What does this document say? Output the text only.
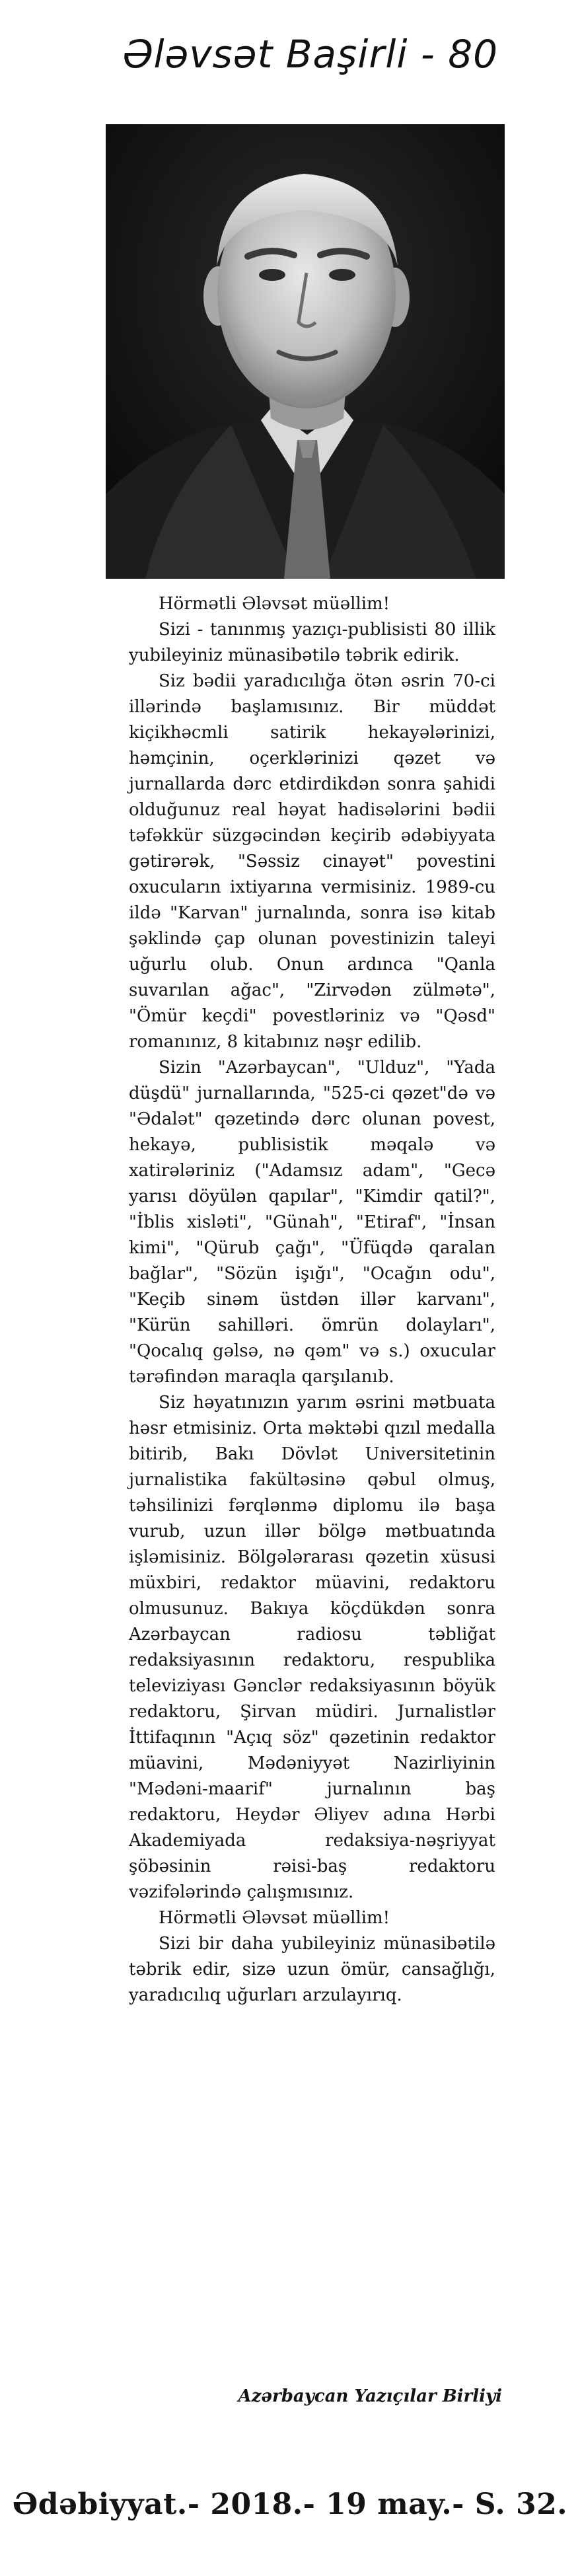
Ələvsət Başirli - 80

Hörmətli Ələvsət müəllim!

Sizi - tanınmış yazıçı-publisisti 80 illik yubileyiniz münasibətilə təbrik edirik.

Siz bədii yaradıcılığa ötən əsrin 70-ci illərində başlamısınız. Bir müddət kiçikhəcmli satirik hekayələrinizi, həmçinin, oçerklərinizi qəzet və jurnallarda dərc etdirdikdən sonra şahidi olduğunuz real həyat hadisələrini bədii təfəkkür süzgəcindən keçirib ədəbiyyata gətirərək, "Səssiz cinayət" povestini oxucuların ixtiyarına vermisiniz. 1989-cu ildə "Karvan" jurnalında, sonra isə kitab şəklində çap olunan povestinizin taleyi uğurlu olub. Onun ardınca "Qanla suvarılan ağac", "Zirvədən zülmətə", "Ömür keçdi" povestləriniz və "Qəsd" romanınız, 8 kitabınız nəşr edilib.

Sizin "Azərbaycan", "Ulduz", "Yada düşdü" jurnallarında, "525-ci qəzet"də və "Ədalət" qəzetində dərc olunan povest, hekayə, publisistik məqalə və xatirələriniz ("Adamsız adam", "Gecə yarısı döyülən qapılar", "Kimdir qatil?", "İblis xisləti", "Günah", "Etiraf", "İnsan kimi", "Qürub çağı", "Üfüqdə qaralan bağlar", "Sözün işığı", "Ocağın odu", "Keçib sinəm üstdən illər karvanı", "Kürün sahilləri. ömrün dolayları", "Qocalıq gəlsə, nə qəm" və s.) oxucular tərəfindən maraqla qarşılanıb.

Siz həyatınızın yarım əsrini mətbuata həsr etmisiniz. Orta məktəbi qızıl medalla bitirib, Bakı Dövlət Universitetinin jurnalistika fakültəsinə qəbul olmuş, təhsilinizi fərqlənmə diplomu ilə başa vurub, uzun illər bölgə mətbuatında işləmisiniz. Bölgələrarası qəzetin xüsusi müxbiri, redaktor müavini, redaktoru olmusunuz. Bakıya köçdükdən sonra Azərbaycan radiosu təbliğat redaksiyasının redaktoru, respublika televiziyası Gənclər redaksiyasının böyük redaktoru, Şirvan müdiri. Jurnalistlər İttifaqının "Açıq söz" qəzetinin redaktor müavini, Mədəniyyət Nazirliyinin "Mədəni-maarif" jurnalının baş redaktoru, Heydər Əliyev adına Hərbi Akademiyada redaksiya-nəşriyyat şöbəsinin rəisi-baş redaktoru vəzifələrində çalışmısınız.

Hörmətli Ələvsət müəllim!

Sizi bir daha yubileyiniz münasibətilə təbrik edir, sizə uzun ömür, cansağlığı, yaradıcılıq uğurları arzulayırıq.

Azərbaycan Yazıçılar Birliyi
Ədəbiyyat.- 2018.- 19 may.- S. 32.
